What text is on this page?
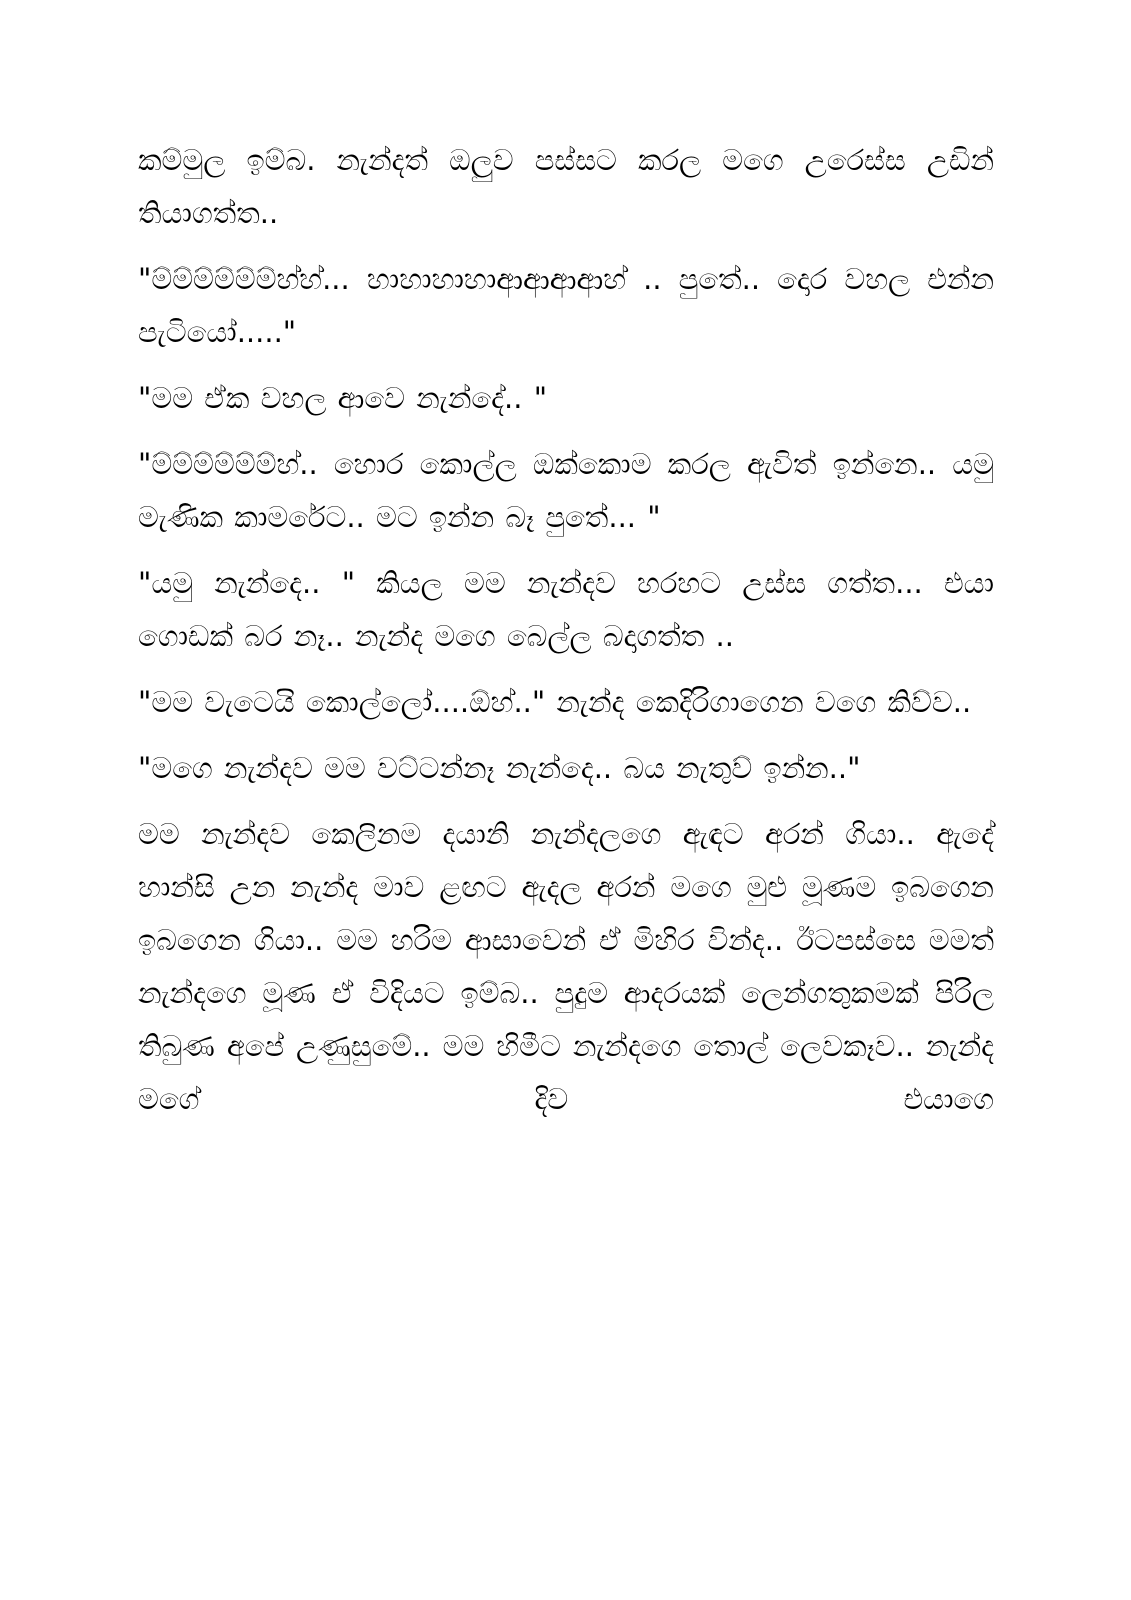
කම්මුල ඉම්බ. නැන්දත් ඔලුව පස්සට කරල මගෙ උරෙස්ස උඩින් තියාගත්ත..

"ම්ම්ම්ම්ම්ම්හ්හ්... හාහාහාහාආආආආහ් .. පුතේ.. දොර වහල එන්න පැටියෝ....."

"මම ඒක වහල ආවෙ නැන්දේ.. "

"ම්ම්ම්ම්ම්ම්හ්.. හොර කොල්ල ඔක්කොම කරල ඇවිත් ඉන්නෙ.. යමු මැණික කාමරේට.. මට ඉන්න බෑ පුතේ... "

"යමු නැන්දෙ.. " කියල මම නැන්දව හරහට උස්ස ගත්ත... එයා ගොඩක් බර නෑ.. නැන්ද මගෙ බෙල්ල බදාගත්ත ..

"මම වැටෙයි කොල්ලෝ....ඕහ්.." නැන්ද කෙදිරිගාගෙන වගෙ කිව්ව..

"මගෙ නැන්දව මම වට්ටන්නෑ නැන්දෙ.. බය නැතුව් ඉන්න.."

මම නැන්දව කෙලිනම දයානි නැන්දලගෙ ඇඳට අරන් ගියා.. ඇදේ හාන්සි උන නැන්ද මාව ළඟට ඇදල අරන් මගෙ මුළු මූණම ඉබගෙන ඉබගෙන ගියා.. මම හරිම ආසාවෙන් ඒ මිහිර වින්ද.. ඊටපස්සෙ මමත් නැන්දගෙ මූණ ඒ විදියට ඉම්බ.. පුදුම ආදරයක් ලෙන්ගතුකමක් පිරිල තිබුණ අපේ උණුසුමේ.. මම හිමීට නැන්දගෙ තොල් ලෙවකෑව.. නැන්ද මගේ දිව එයාගෙ
